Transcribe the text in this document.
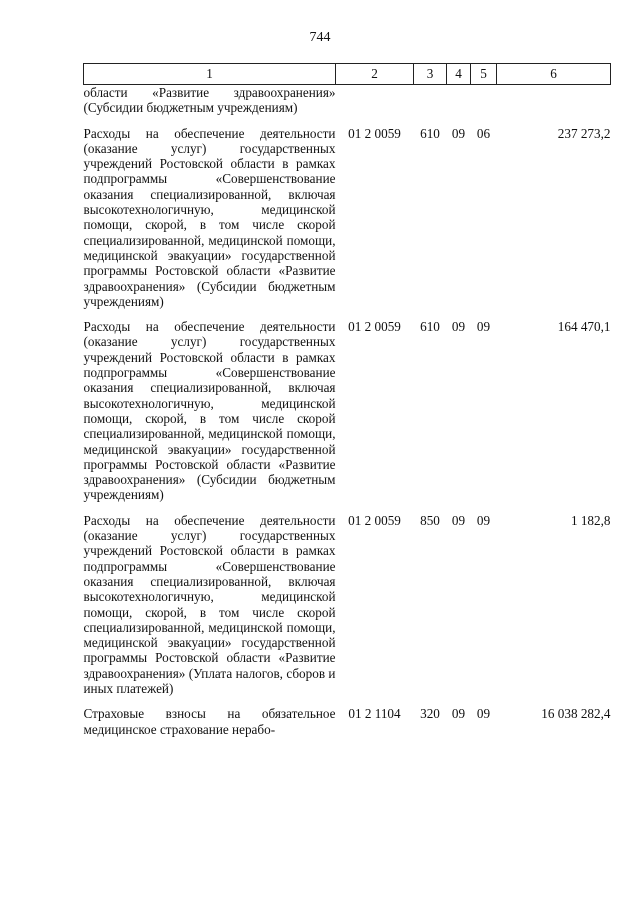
744
1	2	3	4	5	6
области «Развитие здравоохранения» (Субсидии бюджетным учреждениям)					

Расходы на обеспечение деятельности (оказание услуг) государственных учреждений Ростовской области в рамках подпрограммы «Совершенствование оказания специализированной, включая высокотехнологичную, медицинской помощи, скорой, в том числе скорой специализированной, медицинской помощи, медицинской эвакуации» государственной программы Ростовской области «Развитие здравоохранения» (Субсидии бюджетным учреждениям)	01 2 0059	610	09	06	237 273,2

Расходы на обеспечение деятельности (оказание услуг) государственных учреждений Ростовской области в рамках подпрограммы «Совершенствование оказания специализированной, включая высокотехнологичную, медицинской помощи, скорой, в том числе скорой специализированной, медицинской помощи, медицинской эвакуации» государственной программы Ростовской области «Развитие здравоохранения» (Субсидии бюджетным учреждениям)	01 2 0059	610	09	09	164 470,1

Расходы на обеспечение деятельности (оказание услуг) государственных учреждений Ростовской области в рамках подпрограммы «Совершенствование оказания специализированной, включая высокотехнологичную, медицинской помощи, скорой, в том числе скорой специализированной, медицинской помощи, медицинской эвакуации» государственной программы Ростовской области «Развитие здравоохранения» (Уплата налогов, сборов и иных платежей)	01 2 0059	850	09	09	1 182,8

Страховые взносы на обязательное медицинское страхование нерабо-	01 2 1104	320	09	09	16 038 282,4
